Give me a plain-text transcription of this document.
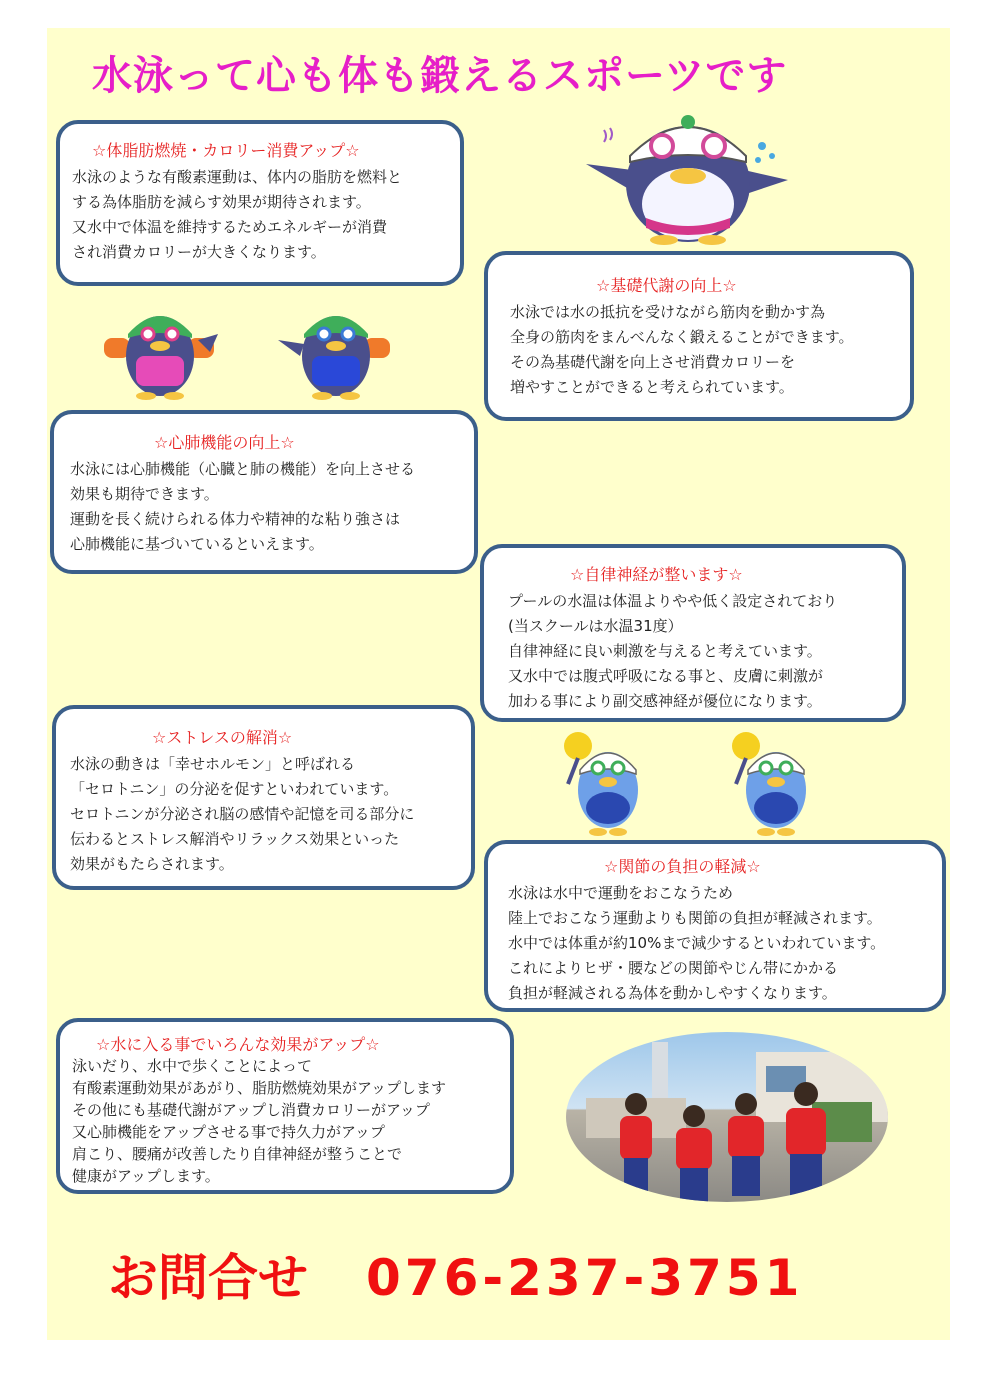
水泳って心も体も鍛えるスポーツです
☆体脂肪燃焼・カロリー消費アップ☆
水泳のような有酸素運動は、体内の脂肪を燃料と
する為体脂肪を減らす効果が期待されます。
又水中で体温を維持するためエネルギーが消費
され消費カロリーが大きくなります。
☆基礎代謝の向上☆
水泳では水の抵抗を受けながら筋肉を動かす為
全身の筋肉をまんべんなく鍛えることができます。
その為基礎代謝を向上させ消費カロリーを
増やすことができると考えられています。
☆心肺機能の向上☆
水泳には心肺機能（心臓と肺の機能）を向上させる
効果も期待できます。
運動を長く続けられる体力や精神的な粘り強さは
心肺機能に基づいているといえます。
☆自律神経が整います☆
プールの水温は体温よりやや低く設定されており
(当スクールは水温31度）
自律神経に良い刺激を与えると考えています。
又水中では腹式呼吸になる事と、皮膚に刺激が
加わる事により副交感神経が優位になります。
☆ストレスの解消☆
水泳の動きは「幸せホルモン」と呼ばれる
「セロトニン」の分泌を促すといわれています。
セロトニンが分泌され脳の感情や記憶を司る部分に
伝わるとストレス解消やリラックス効果といった
効果がもたらされます。	☆関節の負担の軽減☆
水泳は水中で運動をおこなうため
陸上でおこなう運動よりも関節の負担が軽減されます。
水中では体重が約10%まで減少するといわれています。
これによりヒザ・腰などの関節やじん帯にかかる
負担が軽減される為体を動かしやすくなります。
☆水に入る事でいろんな効果がアップ☆
泳いだり、水中で歩くことによって
有酸素運動効果があがり、脂肪燃焼効果がアップします
その他にも基礎代謝がアップし消費カロリーがアップ
又心肺機能をアップさせる事で持久力がアップ
肩こり、腰痛が改善したり自律神経が整うことで
健康がアップします。
お問合せ 076-237-3751
